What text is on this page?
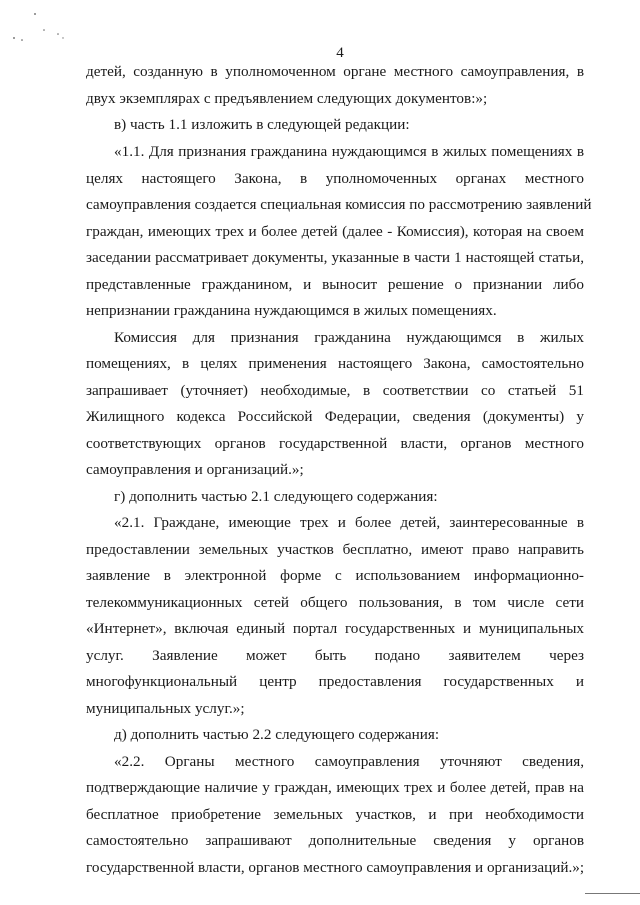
4
детей, созданную в уполномоченном органе местного самоуправления, в
двух экземплярах с предъявлением следующих документов:»;
в) часть 1.1 изложить в следующей редакции:
«1.1. Для признания гражданина нуждающимся в жилых помещениях в
целях настоящего Закона, в уполномоченных органах местного
самоуправления создается специальная комиссия по рассмотрению заявлений
граждан, имеющих трех и более детей (далее - Комиссия), которая на своем
заседании рассматривает документы, указанные в части 1 настоящей статьи,
представленные гражданином, и выносит решение о признании либо
непризнании гражданина нуждающимся в жилых помещениях.
Комиссия для признания гражданина нуждающимся в жилых
помещениях, в целях применения настоящего Закона, самостоятельно
запрашивает (уточняет) необходимые, в соответствии со статьей 51
Жилищного кодекса Российской Федерации, сведения (документы) у
соответствующих органов государственной власти, органов местного
самоуправления и организаций.»;
г) дополнить частью 2.1 следующего содержания:
«2.1. Граждане, имеющие трех и более детей, заинтересованные в
предоставлении земельных участков бесплатно, имеют право направить
заявление в электронной форме с использованием информационно-
телекоммуникационных сетей общего пользования, в том числе сети
«Интернет», включая единый портал государственных и муниципальных
услуг. Заявление может быть подано заявителем через
многофункциональный центр предоставления государственных и
муниципальных услуг.»;
д) дополнить частью 2.2 следующего содержания:
«2.2. Органы местного самоуправления уточняют сведения,
подтверждающие наличие у граждан, имеющих трех и более детей, прав на
бесплатное приобретение земельных участков, и при необходимости
самостоятельно запрашивают дополнительные сведения у органов
государственной власти, органов местного самоуправления и организаций.»;
